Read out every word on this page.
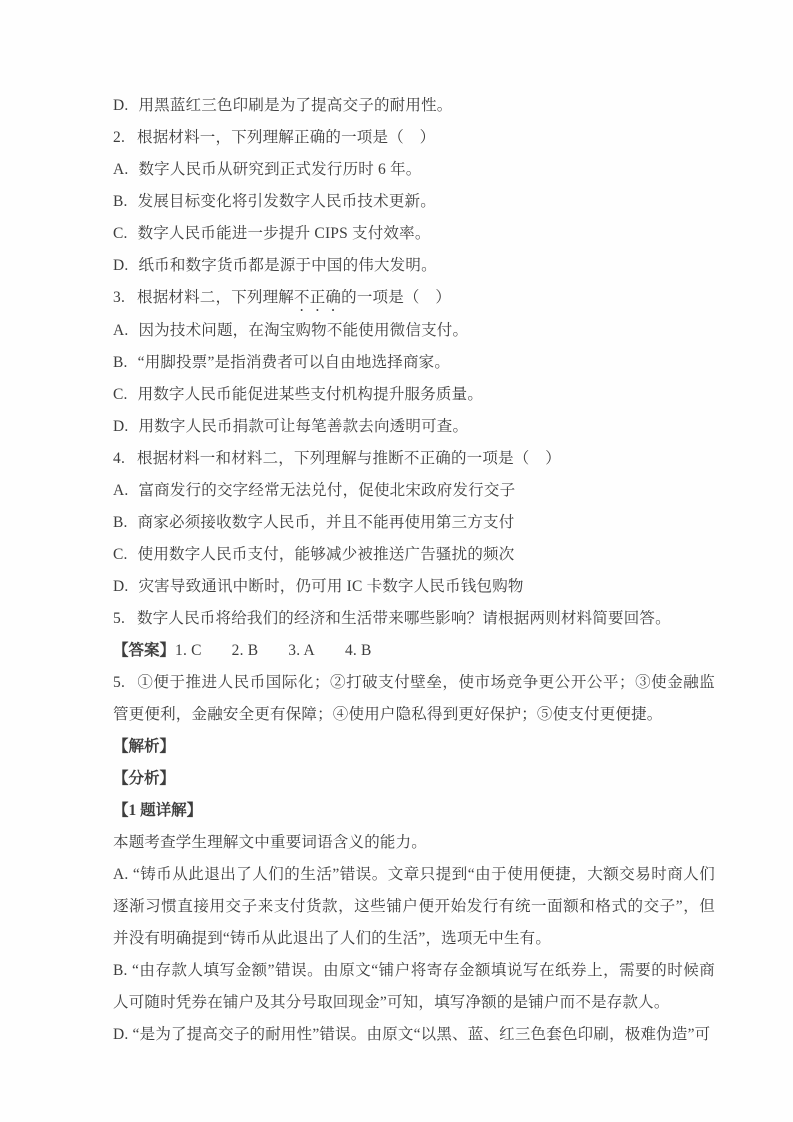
D. 用黑蓝红三色印刷是为了提高交子的耐用性。

2. 根据材料一，下列理解正确的一项是（　）

A. 数字人民币从研究到正式发行历时 6 年。

B. 发展目标变化将引发数字人民币技术更新。

C. 数字人民币能进一步提升 CIPS 支付效率。

D. 纸币和数字货币都是源于中国的伟大发明。

3. 根据材料二，下列理解不正确的一项是（　）

A. 因为技术问题，在淘宝购物不能使用微信支付。

B. “用脚投票”是指消费者可以自由地选择商家。

C. 用数字人民币能促进某些支付机构提升服务质量。

D. 用数字人民币捐款可让每笔善款去向透明可查。

4. 根据材料一和材料二，下列理解与推断不正确的一项是（　）

A. 富商发行的交字经常无法兑付，促使北宋政府发行交子

B. 商家必须接收数字人民币，并且不能再使用第三方支付

C. 使用数字人民币支付，能够减少被推送广告骚扰的频次

D. 灾害导致通讯中断时，仍可用 IC 卡数字人民币钱包购物

5. 数字人民币将给我们的经济和生活带来哪些影响？请根据两则材料简要回答。

【答案】1. C 2. B 3. A 4. B

5. ①便于推进人民币国际化；②打破支付壁垒，使市场竞争更公开公平；③使金融监管更便利，金融安全更有保障；④使用户隐私得到更好保护；⑤使支付更便捷。

【解析】

【分析】

【1 题详解】

本题考查学生理解文中重要词语含义的能力。

A. “铸币从此退出了人们的生活”错误。文章只提到“由于使用便捷，大额交易时商人们逐渐习惯直接用交子来支付货款，这些铺户便开始发行有统一面额和格式的交子”，但并没有明确提到“铸币从此退出了人们的生活”，选项无中生有。

B. “由存款人填写金额”错误。由原文“铺户将寄存金额填说写在纸券上，需要的时候商人可随时凭券在铺户及其分号取回现金”可知，填写净额的是铺户而不是存款人。

D. “是为了提高交子的耐用性”错误。由原文“以黑、蓝、红三色套色印刷，极难伪造”可
